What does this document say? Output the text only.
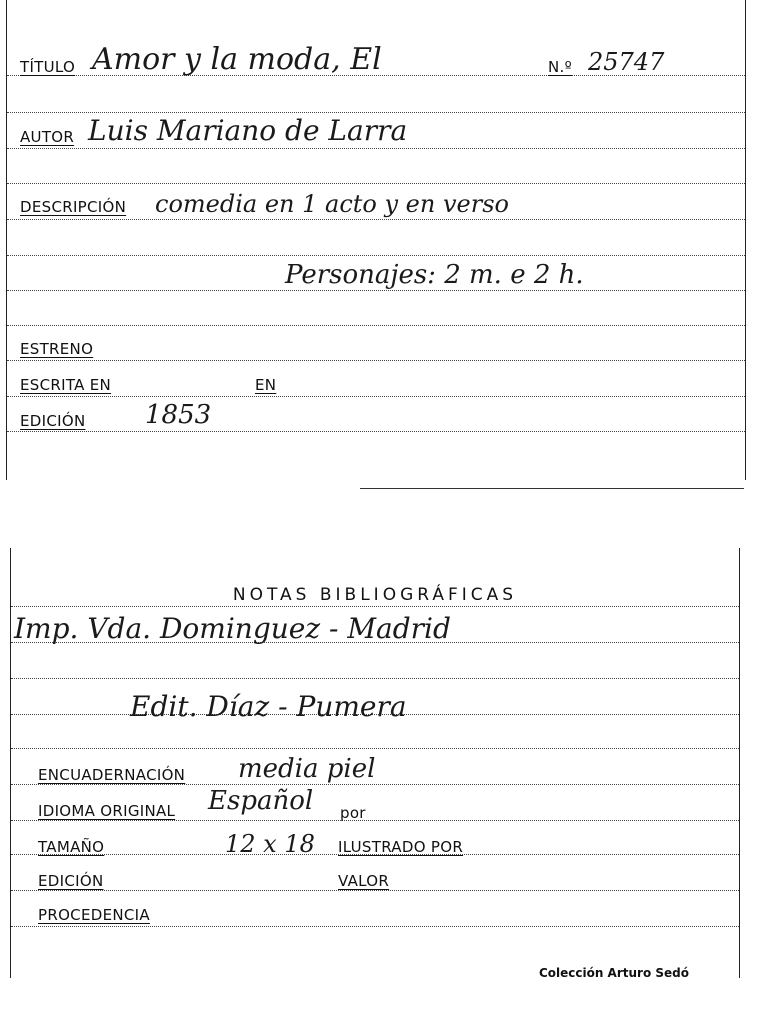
TÍTULO Amor y la moda, El	N.º 25747
AUTOR Luis Mariano de Larra
DESCRIPCIÓN comedia en 1 acto y en verso
Personajes: 2 m. e 2 h.
ESTRENO
ESCRITA EN	EN
EDICIÓN 1853
NOTAS BIBLIOGRÁFICAS
Imp. Vda. Dominguez - Madrid
Edit. Díaz - Pumera
ENCUADERNACIÓN media piel
IDIOMA ORIGINAL Español por
TAMAÑO	12 x 18 ILUSTRADO POR
EDICIÓN	VALOR
PROCEDENCIA
Colección Arturo Sedó
